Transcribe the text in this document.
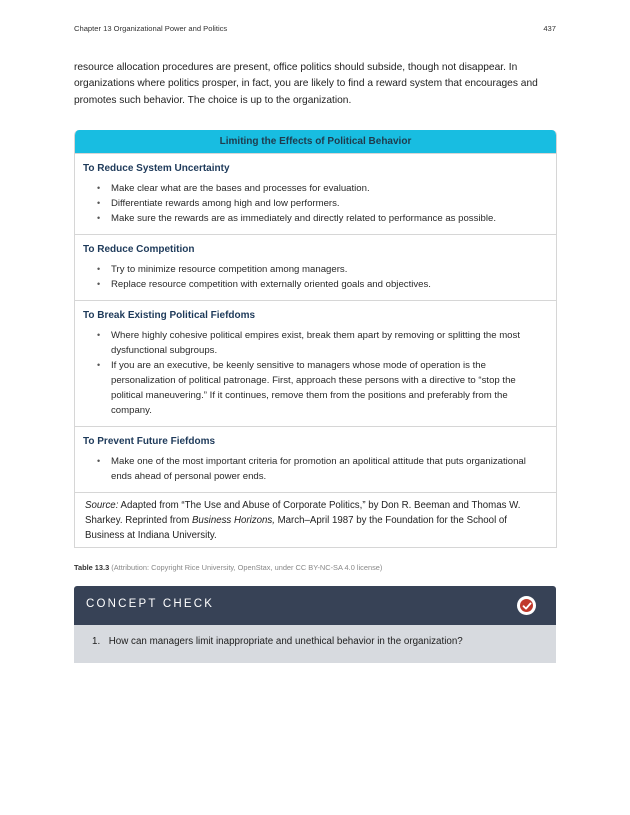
Chapter 13 Organizational Power and Politics	437

resource allocation procedures are present, office politics should subside, though not disappear. In organizations where politics prosper, in fact, you are likely to find a reward system that encourages and promotes such behavior. The choice is up to the organization.

Limiting the Effects of Political Behavior
To Reduce System Uncertainty
• Make clear what are the bases and processes for evaluation.
• Differentiate rewards among high and low performers.
• Make sure the rewards are as immediately and directly related to performance as possible.
To Reduce Competition
• Try to minimize resource competition among managers.
• Replace resource competition with externally oriented goals and objectives.
To Break Existing Political Fiefdoms
• Where highly cohesive political empires exist, break them apart by removing or splitting the most dysfunctional subgroups.
• If you are an executive, be keenly sensitive to managers whose mode of operation is the personalization of political patronage. First, approach these persons with a directive to “stop the political maneuvering.” If it continues, remove them from the positions and preferably from the company.
To Prevent Future Fiefdoms
• Make one of the most important criteria for promotion an apolitical attitude that puts organizational ends ahead of personal power ends.
Source: Adapted from “The Use and Abuse of Corporate Politics,” by Don R. Beeman and Thomas W. Sharkey. Reprinted from Business Horizons, March–April 1987 by the Foundation for the School of Business at Indiana University.
Table 13.3 (Attribution: Copyright Rice University, OpenStax, under CC BY-NC-SA 4.0 license)
CONCEPT CHECK
1. How can managers limit inappropriate and unethical behavior in the organization?
